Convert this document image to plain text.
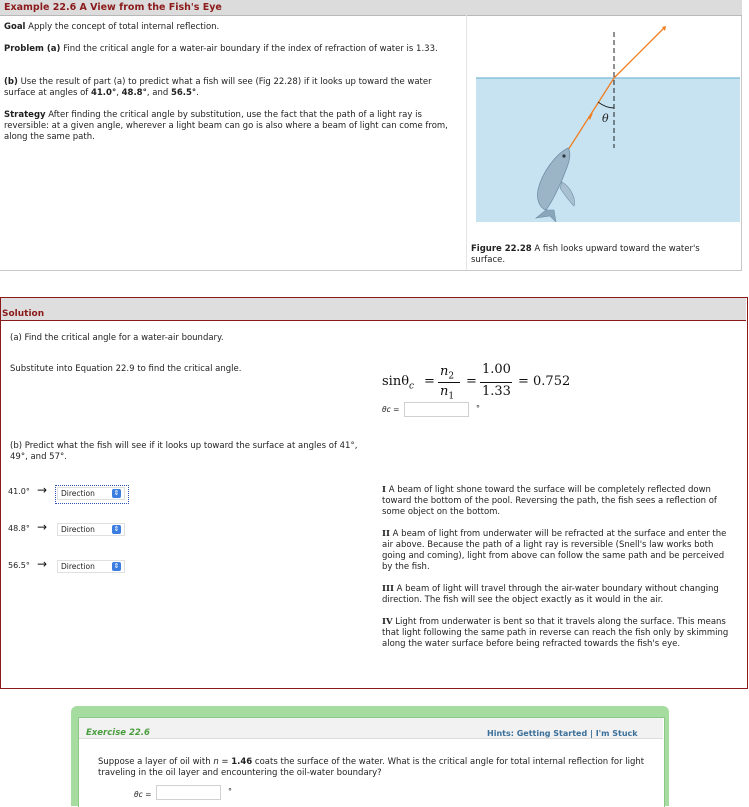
Example 22.6 A View from the Fish's Eye
Goal Apply the concept of total internal reflection.
Problem (a) Find the critical angle for a water-air boundary if the index of refraction of water is 1.33.
(b) Use the result of part (a) to predict what a fish will see (Fig 22.28) if it looks up toward the water surface at angles of 41.0°, 48.8°, and 56.5°.
Strategy After finding the critical angle by substitution, use the fact that the path of a light ray is reversible: at a given angle, wherever a light beam can go is also where a beam of light can come from, along the same path.
θ
Figure 22.28 A fish looks upward toward the water's surface.
Solution
(a) Find the critical angle for a water-air boundary.
Substitute into Equation 22.9 to find the critical angle.
sinθ$_c$ =
$n_2$
$n_1$
=
1.00
1.33
= 0.752
θc =	°
(b) Predict what the fish will see if it looks up toward the surface at angles of 41°, 49°, and 57°.
41.0° →	Direction	⇕
48.8° →	Direction	⇕
56.5° →	Direction	⇕
I A beam of light shone toward the surface will be completely reflected down toward the bottom of the pool. Reversing the path, the fish sees a reflection of some object on the bottom.
II A beam of light from underwater will be refracted at the surface and enter the air above. Because the path of a light ray is reversible (Snell's law works both going and coming), light from above can follow the same path and be perceived by the fish.
III A beam of light will travel through the air-water boundary without changing direction. The fish will see the object exactly as it would in the air.
IV Light from underwater is bent so that it travels along the surface. This means that light following the same path in reverse can reach the fish only by skimming along the water surface before being refracted towards the fish's eye.
Exercise 22.6	Hints: Getting Started | I'm Stuck
Suppose a layer of oil with n = 1.46 coats the surface of the water. What is the critical angle for total internal reflection for light traveling in the oil layer and encountering the oil-water boundary?
θc =	°
